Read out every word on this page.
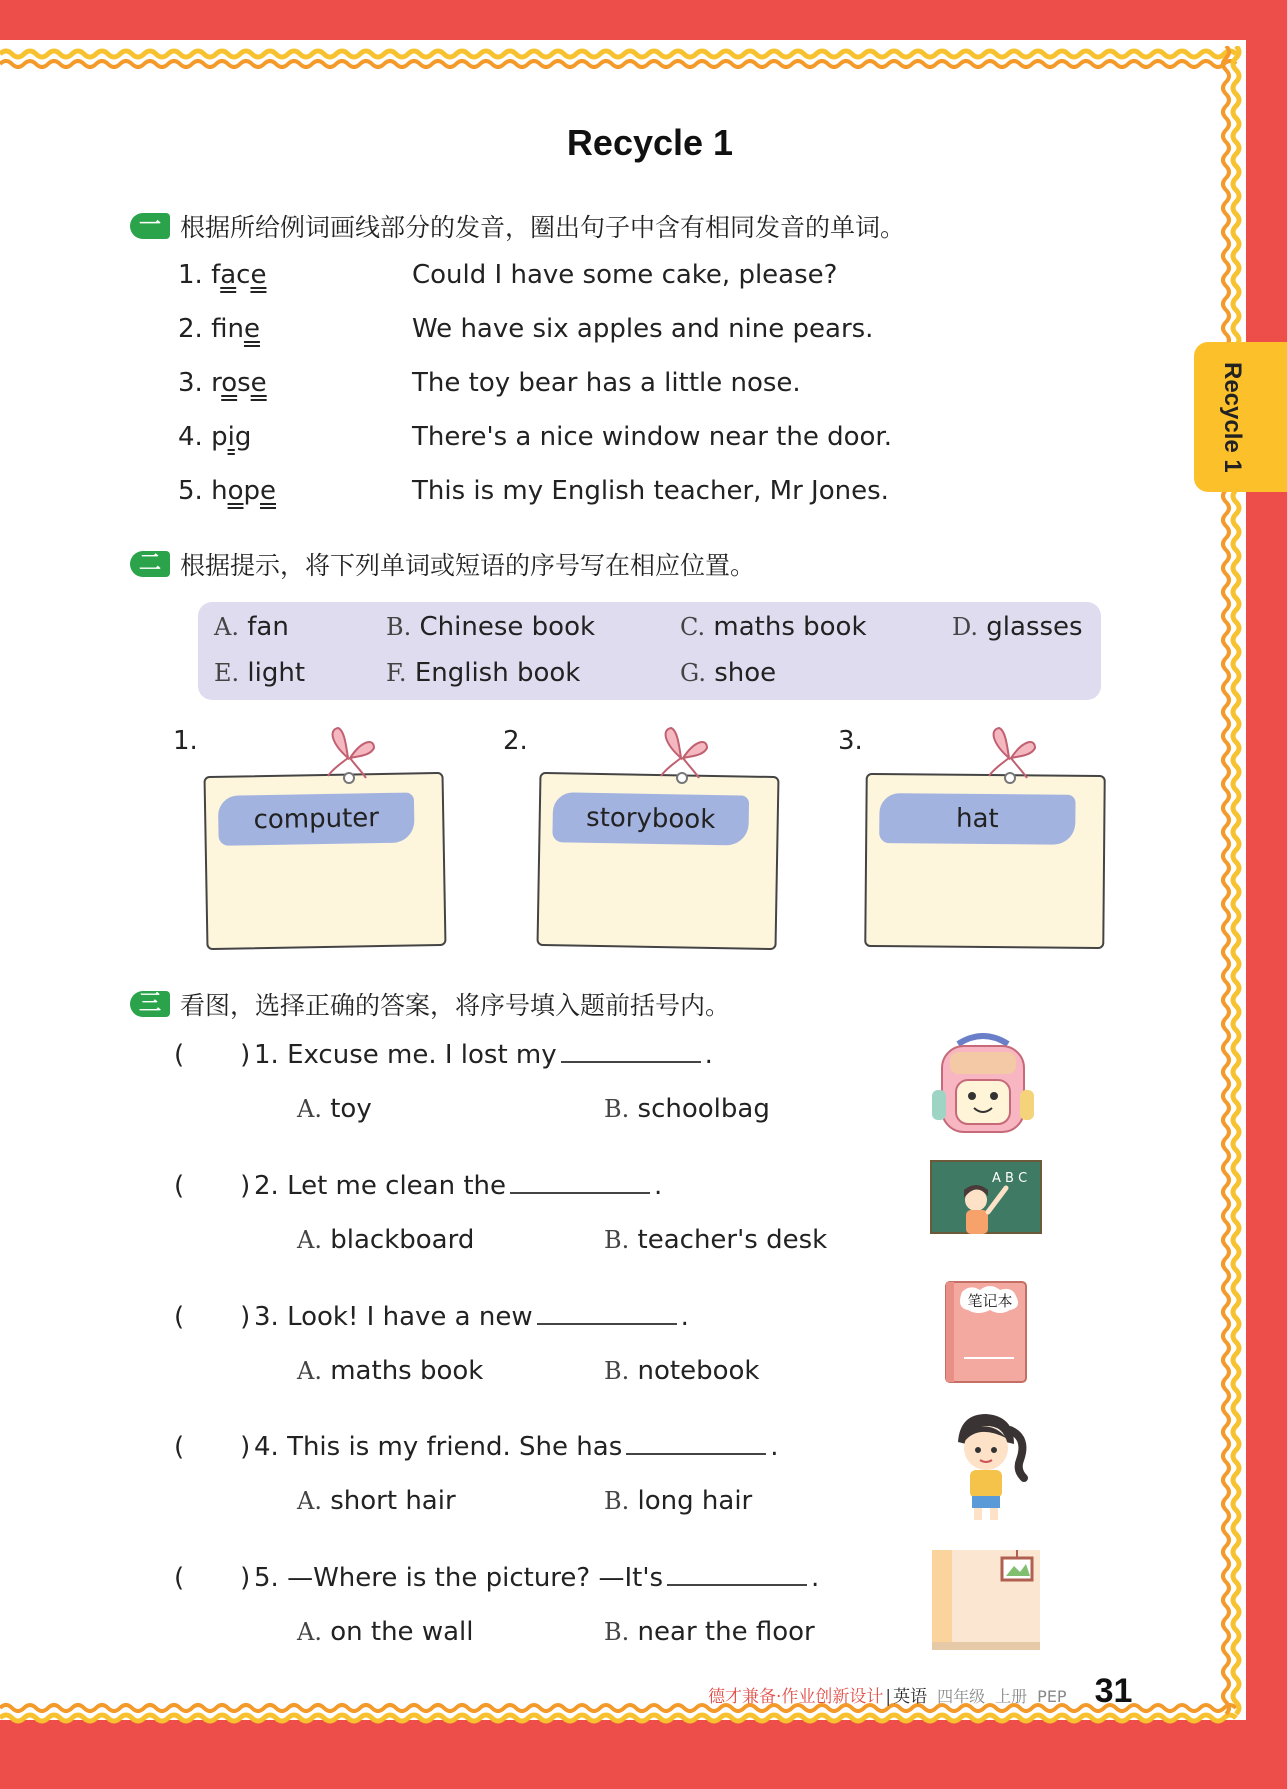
Recycle 1
Recycle 1
一 根据所给例词画线部分的发音，圈出句子中含有相同发音的单词。
1. face	Could I have some cake, please?
2. fne	We have six apples and nine pears.
3. rose	The toy bear has a little nose.
4. pig	There's a nice window near the door.
5. hope	This is my English teacher, Mr Jones.
二 根据提示，将下列单词或短语的序号写在相应位置。
A. fan	B. Chinese book	C. maths book	D. glasses
E. light	F. English book	G. shoe
1.	2.	3.
computer	storybook	hat
三 看图，选择正确的答案，将序号填入题前括号内。
( ) 1. Excuse me. I lost my	.
A. toy	B. schoolbag
( ) 2. Let me clean the	.
A. blackboard	B. teacher's desk
( ) 3. Look! I have a new	.
A. maths book	B. notebook
( ) 4. This is my friend. She has	.
A. short hair	B. long hair
( ) 5. —Where is the picture? —It's	.
A. on the wall	B. near the floor
A B C
笔记本
德才兼备·作业创新设计 | 英语 四年级 上册 PEP 31
